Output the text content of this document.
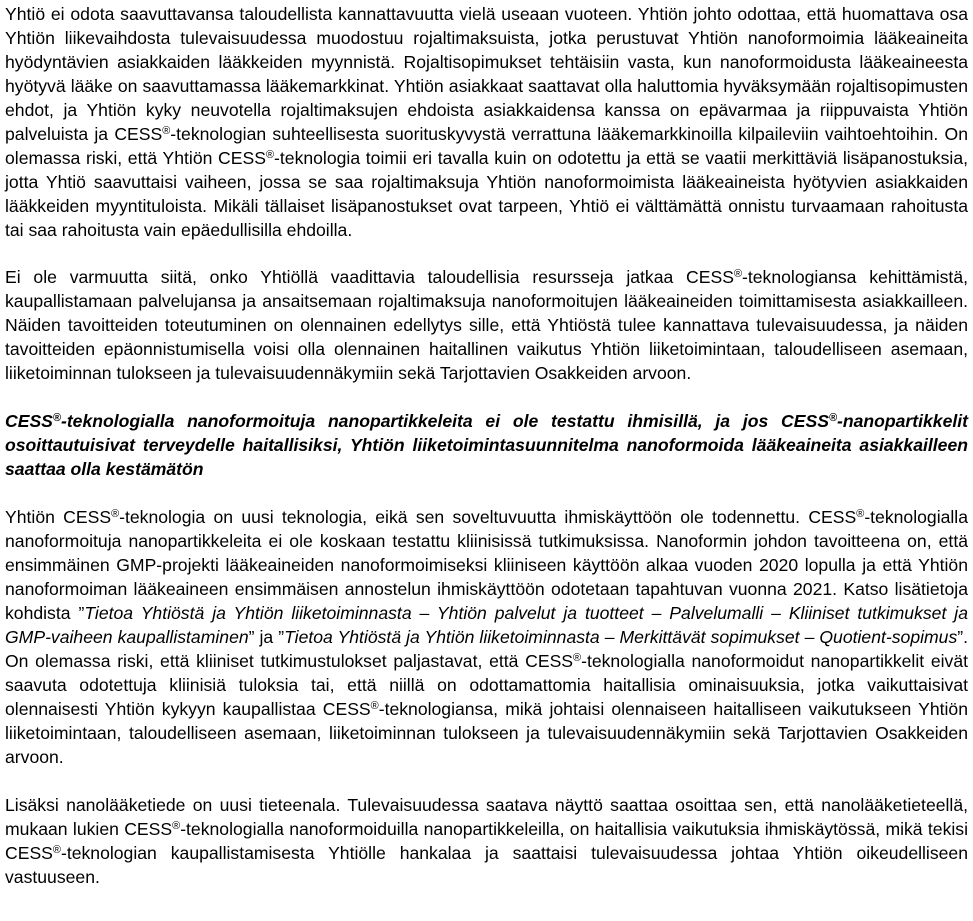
Yhtiö ei odota saavuttavansa taloudellista kannattavuutta vielä useaan vuoteen. Yhtiön johto odottaa, että huomattava osa Yhtiön liikevaihdosta tulevaisuudessa muodostuu rojaltimaksuista, jotka perustuvat Yhtiön nanoformoimia lääkeaineita hyödyntävien asiakkaiden lääkkeiden myynnistä. Rojaltisopimukset tehtäisiin vasta, kun nanoformoidusta lääkeaineesta hyötyvä lääke on saavuttamassa lääkemarkkinat. Yhtiön asiakkaat saattavat olla haluttomia hyväksymään rojaltisopimusten ehdot, ja Yhtiön kyky neuvotella rojaltimaksujen ehdoista asiakkaidensa kanssa on epävarmaa ja riippuvaista Yhtiön palveluista ja CESS®-teknologian suhteellisesta suorituskyvystä verrattuna lääkemarkkinoilla kilpaileviin vaihtoehtoihin. On olemassa riski, että Yhtiön CESS®-teknologia toimii eri tavalla kuin on odotettu ja että se vaatii merkittäviä lisäpanostuksia, jotta Yhtiö saavuttaisi vaiheen, jossa se saa rojaltimaksuja Yhtiön nanoformoimista lääkeaineista hyötyvien asiakkaiden lääkkeiden myyntituloista. Mikäli tällaiset lisäpanostukset ovat tarpeen, Yhtiö ei välttämättä onnistu turvaamaan rahoitusta tai saa rahoitusta vain epäedullisilla ehdoilla.

Ei ole varmuutta siitä, onko Yhtiöllä vaadittavia taloudellisia resursseja jatkaa CESS®-teknologiansa kehittämistä, kaupallistamaan palvelujansa ja ansaitsemaan rojaltimaksuja nanoformoitujen lääkeaineiden toimittamisesta asiakkailleen. Näiden tavoitteiden toteutuminen on olennainen edellytys sille, että Yhtiöstä tulee kannattava tulevaisuudessa, ja näiden tavoitteiden epäonnistumisella voisi olla olennainen haitallinen vaikutus Yhtiön liiketoimintaan, taloudelliseen asemaan, liiketoiminnan tulokseen ja tulevaisuudennäkymiin sekä Tarjottavien Osakkeiden arvoon.

CESS®-teknologialla nanoformoituja nanopartikkeleita ei ole testattu ihmisillä, ja jos CESS®-nanopartikkelit osoittautuisivat terveydelle haitallisiksi, Yhtiön liiketoimintasuunnitelma nanoformoida lääkeaineita asiakkailleen saattaa olla kestämätön

Yhtiön CESS®-teknologia on uusi teknologia, eikä sen soveltuvuutta ihmiskäyttöön ole todennettu. CESS®-teknologialla nanoformoituja nanopartikkeleita ei ole koskaan testattu kliinisissä tutkimuksissa. Nanoformin johdon tavoitteena on, että ensimmäinen GMP-projekti lääkeaineiden nanoformoimiseksi kliiniseen käyttöön alkaa vuoden 2020 lopulla ja että Yhtiön nanoformoiman lääkeaineen ensimmäisen annostelun ihmiskäyttöön odotetaan tapahtuvan vuonna 2021. Katso lisätietoja kohdista ”Tietoa Yhtiöstä ja Yhtiön liiketoiminnasta – Yhtiön palvelut ja tuotteet – Palvelumalli – Kliiniset tutkimukset ja GMP-vaiheen kaupallistaminen” ja ”Tietoa Yhtiöstä ja Yhtiön liiketoiminnasta – Merkittävät sopimukset – Quotient-sopimus”. On olemassa riski, että kliiniset tutkimustulokset paljastavat, että CESS®-teknologialla nanoformoidut nanopartikkelit eivät saavuta odotettuja kliinisiä tuloksia tai, että niillä on odottamattomia haitallisia ominaisuuksia, jotka vaikuttaisivat olennaisesti Yhtiön kykyyn kaupallistaa CESS®-teknologiansa, mikä johtaisi olennaiseen haitalliseen vaikutukseen Yhtiön liiketoimintaan, taloudelliseen asemaan, liiketoiminnan tulokseen ja tulevaisuudennäkymiin sekä Tarjottavien Osakkeiden arvoon.

Lisäksi nanolääketiede on uusi tieteenala. Tulevaisuudessa saatava näyttö saattaa osoittaa sen, että nanolääketieteellä, mukaan lukien CESS®-teknologialla nanoformoiduilla nanopartikkeleilla, on haitallisia vaikutuksia ihmiskäytössä, mikä tekisi CESS®-teknologian kaupallistamisesta Yhtiölle hankalaa ja saattaisi tulevaisuudessa johtaa Yhtiön oikeudelliseen vastuuseen.
